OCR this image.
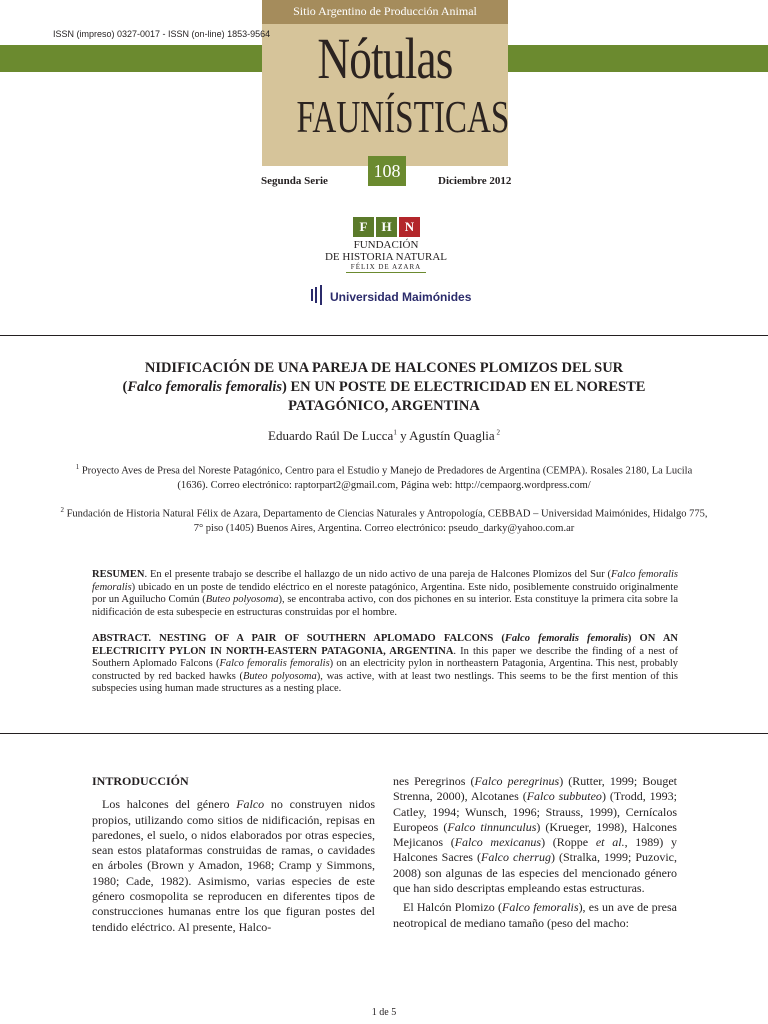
Sitio Argentino de Producción Animal
ISSN (impreso) 0327-0017 - ISSN (on-line) 1853-9564 Nótulas
FAUNÍSTICAS
108
Segunda Serie	Diciembre 2012
F	H	N
FUNDACIÓN
DE HISTORIA NATURAL
FÉLIX DE AZARA
Universidad Maimónides
NIDIFICACIÓN DE UNA PAREJA DE HALCONES PLOMIZOS DEL SUR
(Falco femoralis femoralis) EN UN POSTE DE ELECTRICIDAD EN EL NORESTE
PATAGÓNICO, ARGENTINA
Eduardo Raúl De Lucca$^1$ y Agustín Quaglia $^2$
$^1$ Proyecto Aves de Presa del Noreste Patagónico, Centro para el Estudio y Manejo de Predadores de Argentina (CEMPA). Rosales 2180, La Lucila (1636). Correo electrónico: raptorpart2@gmail.com, Página web: http://cempaorg.wordpress.com/
$^2$ Fundación de Historia Natural Félix de Azara, Departamento de Ciencias Naturales y Antropología, CEBBAD – Universidad Maimónides, Hidalgo 775, 7° piso (1405) Buenos Aires, Argentina. Correo electrónico: pseudo_darky@yahoo.com.ar
RESUMEN. En el presente trabajo se describe el hallazgo de un nido activo de una pareja de Halcones Plomizos del Sur (Falco femoralis femoralis) ubicado en un poste de tendido eléctrico en el noreste patagónico, Argentina. Este nido, posiblemente construido originalmente por un Aguilucho Común (Buteo polyosoma), se encontraba activo, con dos pichones en su interior. Esta constituye la primera cita sobre la nidificación de esta subespecie en estructuras construidas por el hombre.
ABSTRACT. NESTING OF A PAIR OF SOUTHERN APLOMADO FALCONS (Falco femoralis femoralis) ON AN ELECTRICITY PYLON IN NORTH-EASTERN PATAGONIA, ARGENTINA. In this paper we describe the finding of a nest of Southern Aplomado Falcons (Falco femoralis femoralis) on an electricity pylon in northeastern Patagonia, Argentina. This nest, probably constructed by red backed hawks (Buteo polyosoma), was active, with at least two nestlings. This seems to be the first mention of this subspecies using human made structures as a nesting place.
INTRODUCCIÓN

Los halcones del género Falco no construyen nidos propios, utilizando como sitios de nidificación, repisas en paredones, el suelo, o nidos elaborados por otras especies, sean estos plataformas construidas de ramas, o cavidades en árboles (Brown y Amadon, 1968; Cramp y Simmons, 1980; Cade, 1982). Asimismo, varias especies de este género cosmopolita se reproducen en diferentes tipos de construcciones humanas entre los que figuran postes del tendido eléctrico. Al presente, Halco-

nes Peregrinos (Falco peregrinus) (Rutter, 1999; Bouget Strenna, 2000), Alcotanes (Falco subbuteo) (Trodd, 1993; Catley, 1994; Wunsch, 1996; Strauss, 1999), Cernícalos Europeos (Falco tinnunculus) (Krueger, 1998), Halcones Mejicanos (Falco mexicanus) (Roppe et al., 1989) y Halcones Sacres (Falco cherrug) (Stralka, 1999; Puzovic, 2008) son algunas de las especies del mencionado género que han sido descriptas empleando estas estructuras.

El Halcón Plomizo (Falco femoralis), es un ave de presa neotropical de mediano tamaño (peso del macho:

1 de 5
